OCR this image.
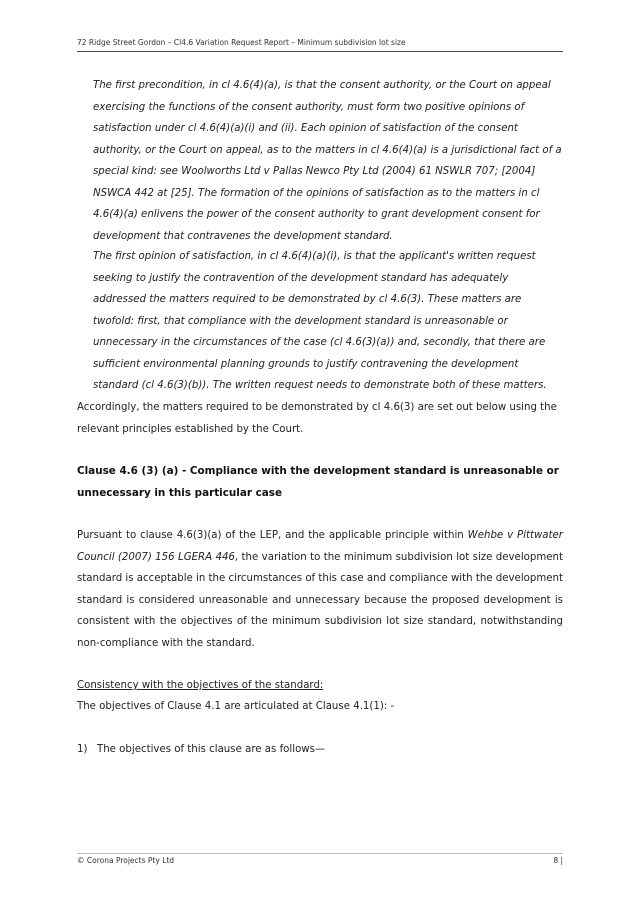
72 Ridge Street Gordon – Cl4.6 Variation Request Report – Minimum subdivision lot size
The first precondition, in cl 4.6(4)(a), is that the consent authority, or the Court on appeal exercising the functions of the consent authority, must form two positive opinions of satisfaction under cl 4.6(4)(a)(i) and (ii). Each opinion of satisfaction of the consent authority, or the Court on appeal, as to the matters in cl 4.6(4)(a) is a jurisdictional fact of a special kind: see Woolworths Ltd v Pallas Newco Pty Ltd (2004) 61 NSWLR 707; [2004] NSWCA 442 at [25]. The formation of the opinions of satisfaction as to the matters in cl 4.6(4)(a) enlivens the power of the consent authority to grant development consent for development that contravenes the development standard.
The first opinion of satisfaction, in cl 4.6(4)(a)(i), is that the applicant's written request seeking to justify the contravention of the development standard has adequately addressed the matters required to be demonstrated by cl 4.6(3). These matters are twofold: first, that compliance with the development standard is unreasonable or unnecessary in the circumstances of the case (cl 4.6(3)(a)) and, secondly, that there are sufficient environmental planning grounds to justify contravening the development standard (cl 4.6(3)(b)). The written request needs to demonstrate both of these matters.
Accordingly, the matters required to be demonstrated by cl 4.6(3) are set out below using the relevant principles established by the Court.
Clause 4.6 (3) (a) - Compliance with the development standard is unreasonable or unnecessary in this particular case
Pursuant to clause 4.6(3)(a) of the LEP, and the applicable principle within Wehbe v Pittwater Council (2007) 156 LGERA 446, the variation to the minimum subdivision lot size development standard is acceptable in the circumstances of this case and compliance with the development standard is considered unreasonable and unnecessary because the proposed development is consistent with the objectives of the minimum subdivision lot size standard, notwithstanding non-compliance with the standard.
Consistency with the objectives of the standard:
The objectives of Clause 4.1 are articulated at Clause 4.1(1): -
1) The objectives of this clause are as follows—
© Corona Projects Pty Ltd	8 |
